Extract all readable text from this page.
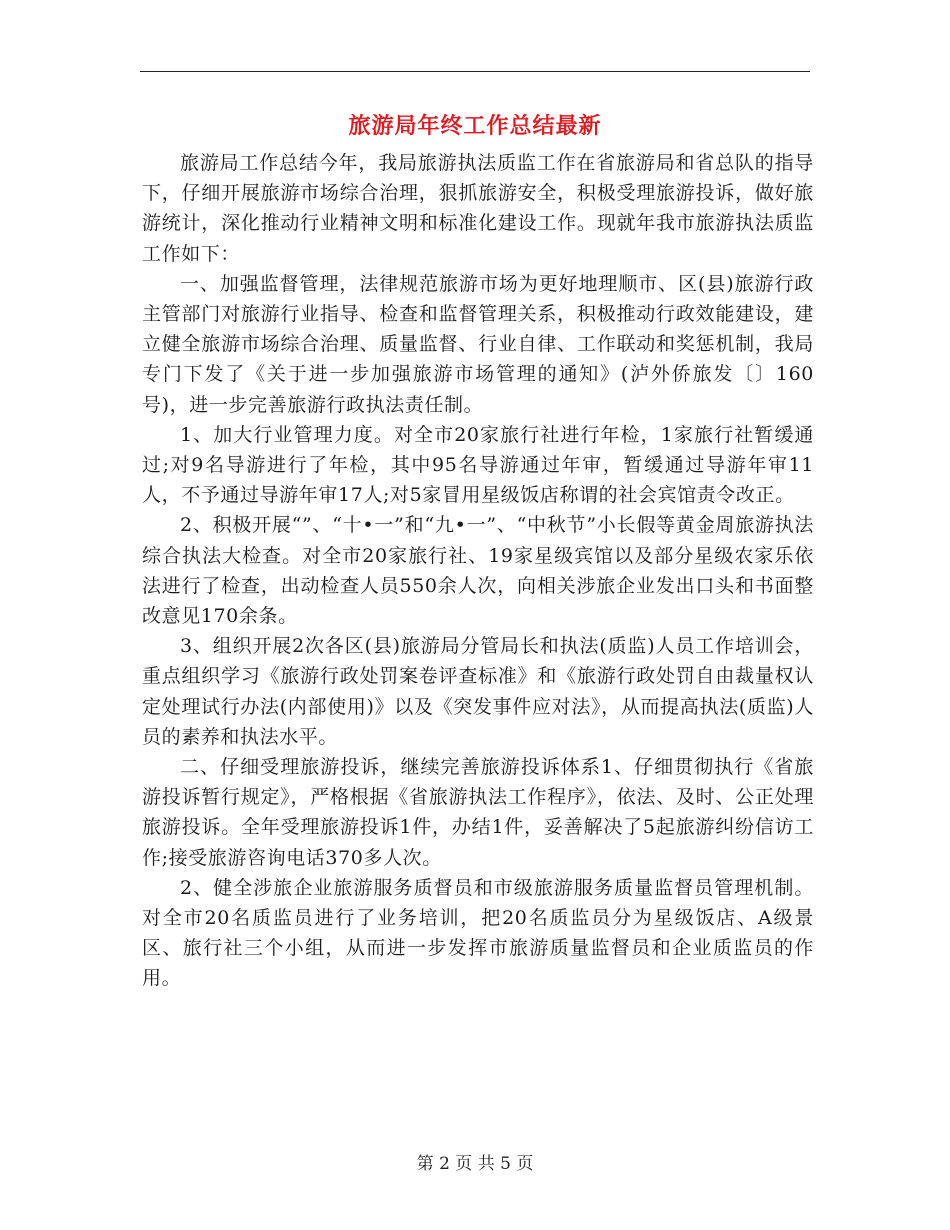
旅游局年终工作总结最新

旅游局工作总结今年，我局旅游执法质监工作在省旅游局和省总队的指导下，仔细开展旅游市场综合治理，狠抓旅游安全，积极受理旅游投诉，做好旅游统计，深化推动行业精神文明和标准化建设工作。现就年我市旅游执法质监工作如下：

一、加强监督管理，法律规范旅游市场为更好地理顺市、区(县)旅游行政主管部门对旅游行业指导、检查和监督管理关系，积极推动行政效能建设，建立健全旅游市场综合治理、质量监督、行业自律、工作联动和奖惩机制，我局专门下发了《关于进一步加强旅游市场管理的通知》(泸外侨旅发〔〕160号)，进一步完善旅游行政执法责任制。

1、加大行业管理力度。对全市20家旅行社进行年检，1家旅行社暂缓通过;对9名导游进行了年检，其中95名导游通过年审，暂缓通过导游年审11人，不予通过导游年审17人;对5家冒用星级饭店称谓的社会宾馆责令改正。

2、积极开展“”、“十•一”和“九•一”、“中秋节”小长假等黄金周旅游执法综合执法大检查。对全市20家旅行社、19家星级宾馆以及部分星级农家乐依法进行了检查，出动检查人员550余人次，向相关涉旅企业发出口头和书面整改意见170余条。

3、组织开展2次各区(县)旅游局分管局长和执法(质监)人员工作培训会，重点组织学习《旅游行政处罚案卷评查标准》和《旅游行政处罚自由裁量权认定处理试行办法(内部使用)》以及《突发事件应对法》，从而提高执法(质监)人员的素养和执法水平。

二、仔细受理旅游投诉，继续完善旅游投诉体系1、仔细贯彻执行《省旅游投诉暂行规定》，严格根据《省旅游执法工作程序》，依法、及时、公正处理旅游投诉。全年受理旅游投诉1件，办结1件，妥善解决了5起旅游纠纷信访工作;接受旅游咨询电话370多人次。

2、健全涉旅企业旅游服务质督员和市级旅游服务质量监督员管理机制。对全市20名质监员进行了业务培训，把20名质监员分为星级饭店、A级景区、旅行社三个小组，从而进一步发挥市旅游质量监督员和企业质监员的作用。

第 2 页 共 5 页
